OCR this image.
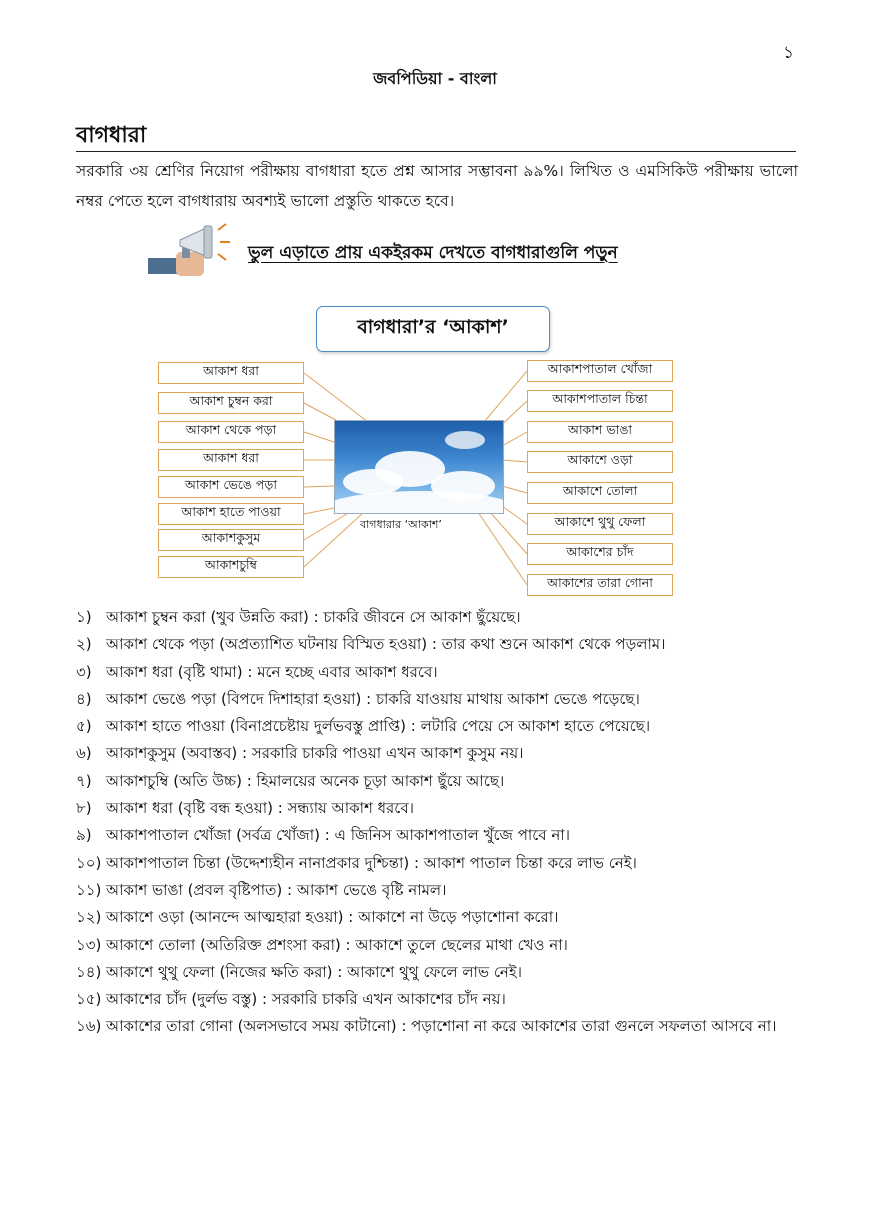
১
জবপিডিয়া - বাংলা
বাগধারা

সরকারি ৩য় শ্রেণির নিয়োগ পরীক্ষায় বাগধারা হতে প্রশ্ন আসার সম্ভাবনা ৯৯%। লিখিত ও এমসিকিউ পরীক্ষায় ভালো নম্বর পেতে হলে বাগধারায় অবশ্যই ভালো প্রস্তুতি থাকতে হবে।

ভুল এড়াতে প্রায় একইরকম দেখতে বাগধারাগুলি পড়ুন
বাগধারা’র ‘আকাশ’
বাগধারার ‘আকাশ’
আকাশ ধরা
আকাশ চুম্বন করা
আকাশ থেকে পড়া
আকাশ ধরা
আকাশ ভেঙে পড়া
আকাশ হাতে পাওয়া
আকাশকুসুম
আকাশচুম্বি
আকাশপাতাল খোঁজা
আকাশপাতাল চিন্তা
আকাশ ভাঙা
আকাশে ওড়া
আকাশে তোলা
আকাশে থুথু ফেলা
আকাশের চাঁদ
আকাশের তারা গোনা
১) আকাশ চুম্বন করা (খুব উন্নতি করা) : চাকরি জীবনে সে আকাশ ছুঁয়েছে।
২) আকাশ থেকে পড়া (অপ্রত্যাশিত ঘটনায় বিস্মিত হওয়া) : তার কথা শুনে আকাশ থেকে পড়লাম।
৩) আকাশ ধরা (বৃষ্টি থামা) : মনে হচ্ছে এবার আকাশ ধরবে।
৪) আকাশ ভেঙে পড়া (বিপদে দিশাহারা হওয়া) : চাকরি যাওয়ায় মাথায় আকাশ ভেঙে পড়েছে।
৫) আকাশ হাতে পাওয়া (বিনাপ্রচেষ্টায় দুর্লভবস্তু প্রাপ্তি) : লটারি পেয়ে সে আকাশ হাতে পেয়েছে।
৬) আকাশকুসুম (অবাস্তব) : সরকারি চাকরি পাওয়া এখন আকাশ কুসুম নয়।
৭) আকাশচুম্বি (অতি উচ্চ) : হিমালয়ের অনেক চূড়া আকাশ ছুঁয়ে আছে।
৮) আকাশ ধরা (বৃষ্টি বন্ধ হওয়া) : সন্ধ্যায় আকাশ ধরবে।
৯) আকাশপাতাল খোঁজা (সর্বত্র খোঁজা) : এ জিনিস আকাশপাতাল খুঁজে পাবে না।
১০) আকাশপাতাল চিন্তা (উদ্দেশ্যহীন নানাপ্রকার দুশ্চিন্তা) : আকাশ পাতাল চিন্তা করে লাভ নেই।
১১) আকাশ ভাঙা (প্রবল বৃষ্টিপাত) : আকাশ ভেঙে বৃষ্টি নামল।
১২) আকাশে ওড়া (আনন্দে আত্মহারা হওয়া) : আকাশে না উড়ে পড়াশোনা করো।
১৩) আকাশে তোলা (অতিরিক্ত প্রশংসা করা) : আকাশে তুলে ছেলের মাথা খেও না।
১৪) আকাশে থুথু ফেলা (নিজের ক্ষতি করা) : আকাশে থুথু ফেলে লাভ নেই।
১৫) আকাশের চাঁদ (দুর্লভ বস্তু) : সরকারি চাকরি এখন আকাশের চাঁদ নয়।
১৬) আকাশের তারা গোনা (অলসভাবে সময় কাটানো) : পড়াশোনা না করে আকাশের তারা গুনলে সফলতা আসবে না।
